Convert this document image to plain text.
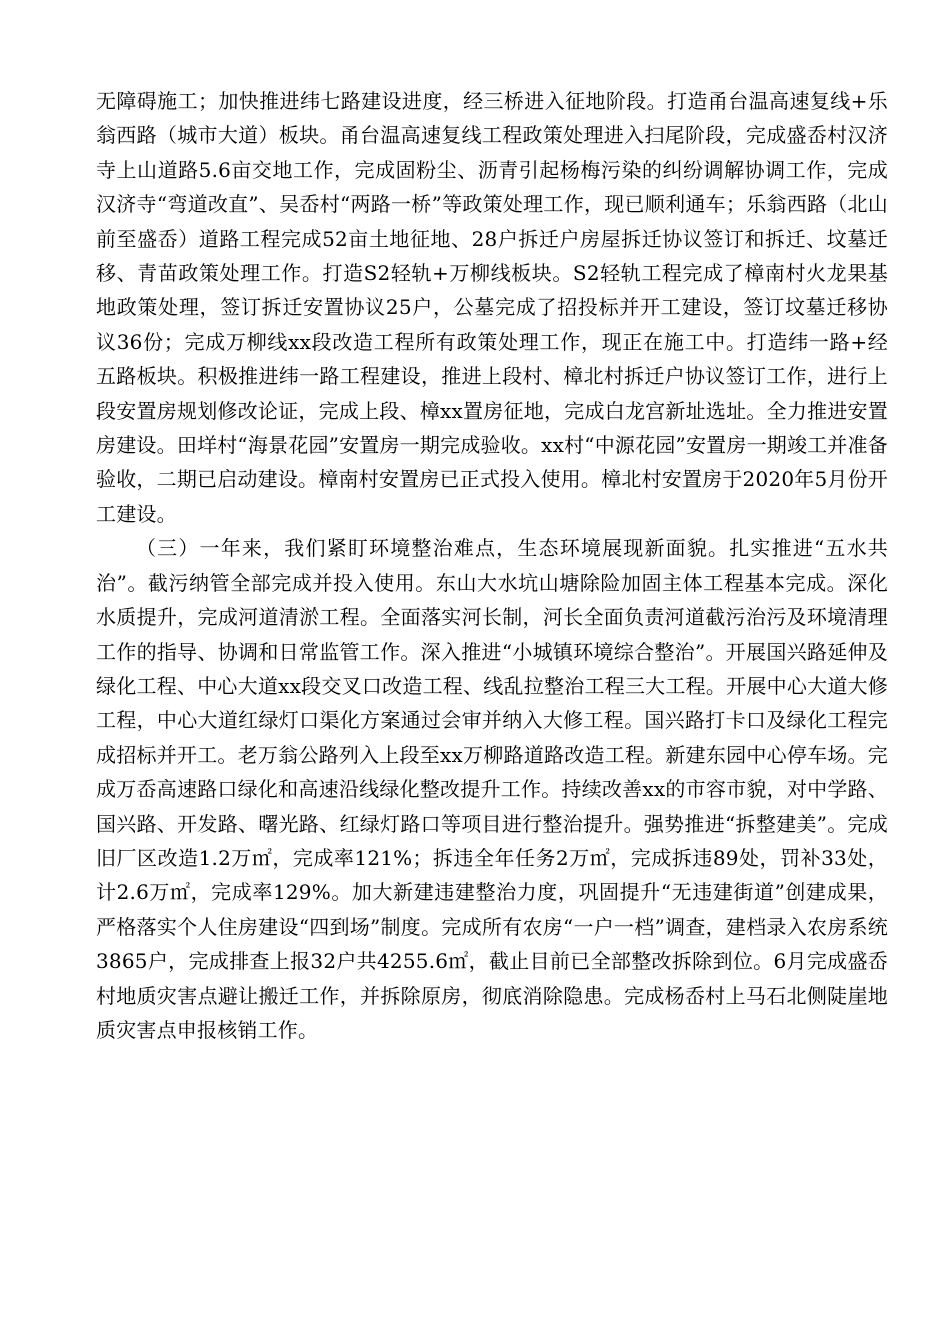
无障碍施工；加快推进纬七路建设进度，经三桥进入征地阶段。打造甬台温高速复线+乐翁西路（城市大道）板块。甬台温高速复线工程政策处理进入扫尾阶段，完成盛岙村汉济寺上山道路5.6亩交地工作，完成固粉尘、沥青引起杨梅污染的纠纷调解协调工作，完成汉济寺“弯道改直”、吴岙村“两路一桥”等政策处理工作，现已顺利通车；乐翁西路（北山前至盛岙）道路工程完成52亩土地征地、28户拆迁户房屋拆迁协议签订和拆迁、坟墓迁移、青苗政策处理工作。打造S2轻轨+万柳线板块。S2轻轨工程完成了樟南村火龙果基地政策处理，签订拆迁安置协议25户，公墓完成了招投标并开工建设，签订坟墓迁移协议36份；完成万柳线xx段改造工程所有政策处理工作，现正在施工中。打造纬一路+经五路板块。积极推进纬一路工程建设，推进上段村、樟北村拆迁户协议签订工作，进行上段安置房规划修改论证，完成上段、樟xx置房征地，完成白龙宫新址选址。全力推进安置房建设。田垟村“海景花园”安置房一期完成验收。xx村“中源花园”安置房一期竣工并准备验收，二期已启动建设。樟南村安置房已正式投入使用。樟北村安置房于2020年5月份开工建设。

（三）一年来，我们紧盯环境整治难点，生态环境展现新面貌。扎实推进“五水共治”。截污纳管全部完成并投入使用。东山大水坑山塘除险加固主体工程基本完成。深化水质提升，完成河道清淤工程。全面落实河长制，河长全面负责河道截污治污及环境清理工作的指导、协调和日常监管工作。深入推进“小城镇环境综合整治”。开展国兴路延伸及绿化工程、中心大道xx段交叉口改造工程、线乱拉整治工程三大工程。开展中心大道大修工程，中心大道红绿灯口渠化方案通过会审并纳入大修工程。国兴路打卡口及绿化工程完成招标并开工。老万翁公路列入上段至xx万柳路道路改造工程。新建东园中心停车场。完成万岙高速路口绿化和高速沿线绿化整改提升工作。持续改善xx的市容市貌，对中学路、国兴路、开发路、曙光路、红绿灯路口等项目进行整治提升。强势推进“拆整建美”。完成旧厂区改造1.2万㎡，完成率121%；拆违全年任务2万㎡，完成拆违89处，罚补33处，计2.6万㎡，完成率129%。加大新建违建整治力度，巩固提升“无违建街道”创建成果，严格落实个人住房建设“四到场”制度。完成所有农房“一户一档”调查，建档录入农房系统3865户，完成排查上报32户共4255.6㎡，截止目前已全部整改拆除到位。6月完成盛岙村地质灾害点避让搬迁工作，并拆除原房，彻底消除隐患。完成杨岙村上马石北侧陡崖地质灾害点申报核销工作。
